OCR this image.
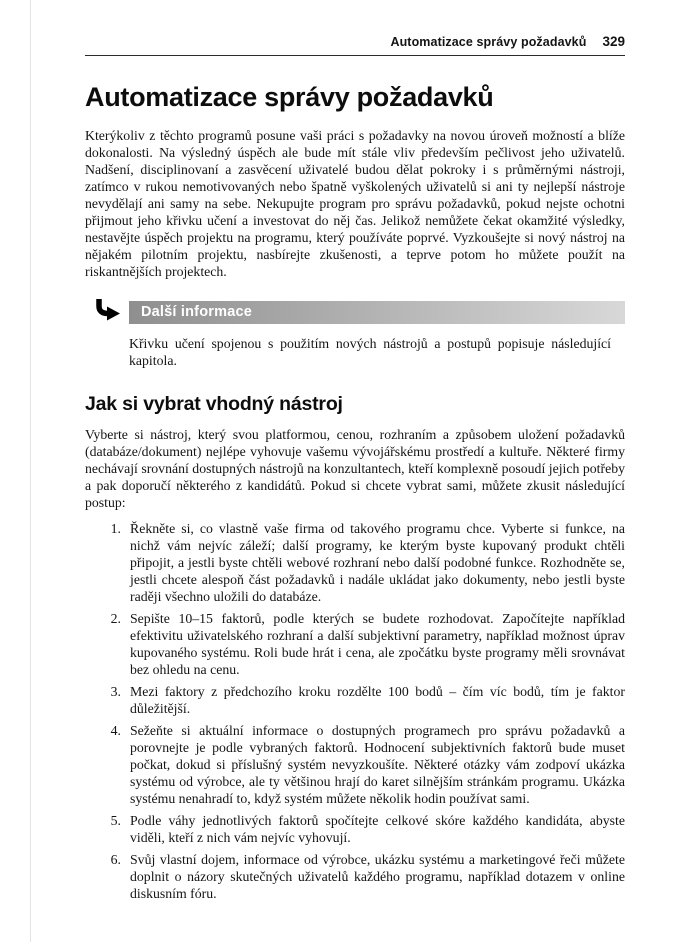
Automatizace správy požadavků 329
Automatizace správy požadavků

Kterýkoliv z těchto programů posune vaši práci s požadavky na novou úroveň možností a blíže dokonalosti. Na výsledný úspěch ale bude mít stále vliv především pečlivost jeho uživatelů. Nadšení, disciplinovaní a zasvěcení uživatelé budou dělat pokroky i s průměrnými nástroji, zatímco v rukou nemotivovaných nebo špatně vyškolených uživatelů si ani ty nejlepší nástroje nevydělají ani samy na sebe. Nekupujte program pro správu požadavků, pokud nejste ochotni přijmout jeho křivku učení a investovat do něj čas. Jelikož nemůžete čekat okamžité výsledky, nestavějte úspěch projektu na programu, který používáte poprvé. Vyzkoušejte si nový nástroj na nějakém pilotním projektu, nasbírejte zkušenosti, a teprve potom ho můžete použít na riskantnějších projektech.

Další informace

Křivku učení spojenou s použitím nových nástrojů a postupů popisuje následující kapitola.

Jak si vybrat vhodný nástroj

Vyberte si nástroj, který svou platformou, cenou, rozhraním a způsobem uložení požadavků (databáze/dokument) nejlépe vyhovuje vašemu vývojářskému prostředí a kultuře. Některé firmy nechávají srovnání dostupných nástrojů na konzultantech, kteří komplexně posoudí jejich potřeby a pak doporučí některého z kandidátů. Pokud si chcete vybrat sami, můžete zkusit následující postup:

1. Řekněte si, co vlastně vaše firma od takového programu chce. Vyberte si funkce, na nichž vám nejvíc záleží; další programy, ke kterým byste kupovaný produkt chtěli připojit, a jestli byste chtěli webové rozhraní nebo další podobné funkce. Rozhodněte se, jestli chcete alespoň část požadavků i nadále ukládat jako dokumenty, nebo jestli byste raději všechno uložili do databáze.
2. Sepište 10–15 faktorů, podle kterých se budete rozhodovat. Započítejte například efektivitu uživatelského rozhraní a další subjektivní parametry, například možnost úprav kupovaného systému. Roli bude hrát i cena, ale zpočátku byste programy měli srovnávat bez ohledu na cenu.
3. Mezi faktory z předchozího kroku rozdělte 100 bodů – čím víc bodů, tím je faktor důležitější.
4. Sežeňte si aktuální informace o dostupných programech pro správu požadavků a porovnejte je podle vybraných faktorů. Hodnocení subjektivních faktorů bude muset počkat, dokud si příslušný systém nevyzkoušíte. Některé otázky vám zodpoví ukázka systému od výrobce, ale ty většinou hrají do karet silnějším stránkám programu. Ukázka systému nenahradí to, když systém můžete několik hodin používat sami.
5. Podle váhy jednotlivých faktorů spočítejte celkové skóre každého kandidáta, abyste viděli, kteří z nich vám nejvíc vyhovují.
6. Svůj vlastní dojem, informace od výrobce, ukázku systému a marketingové řeči můžete doplnit o názory skutečných uživatelů každého programu, například dotazem v online diskusním fóru.
